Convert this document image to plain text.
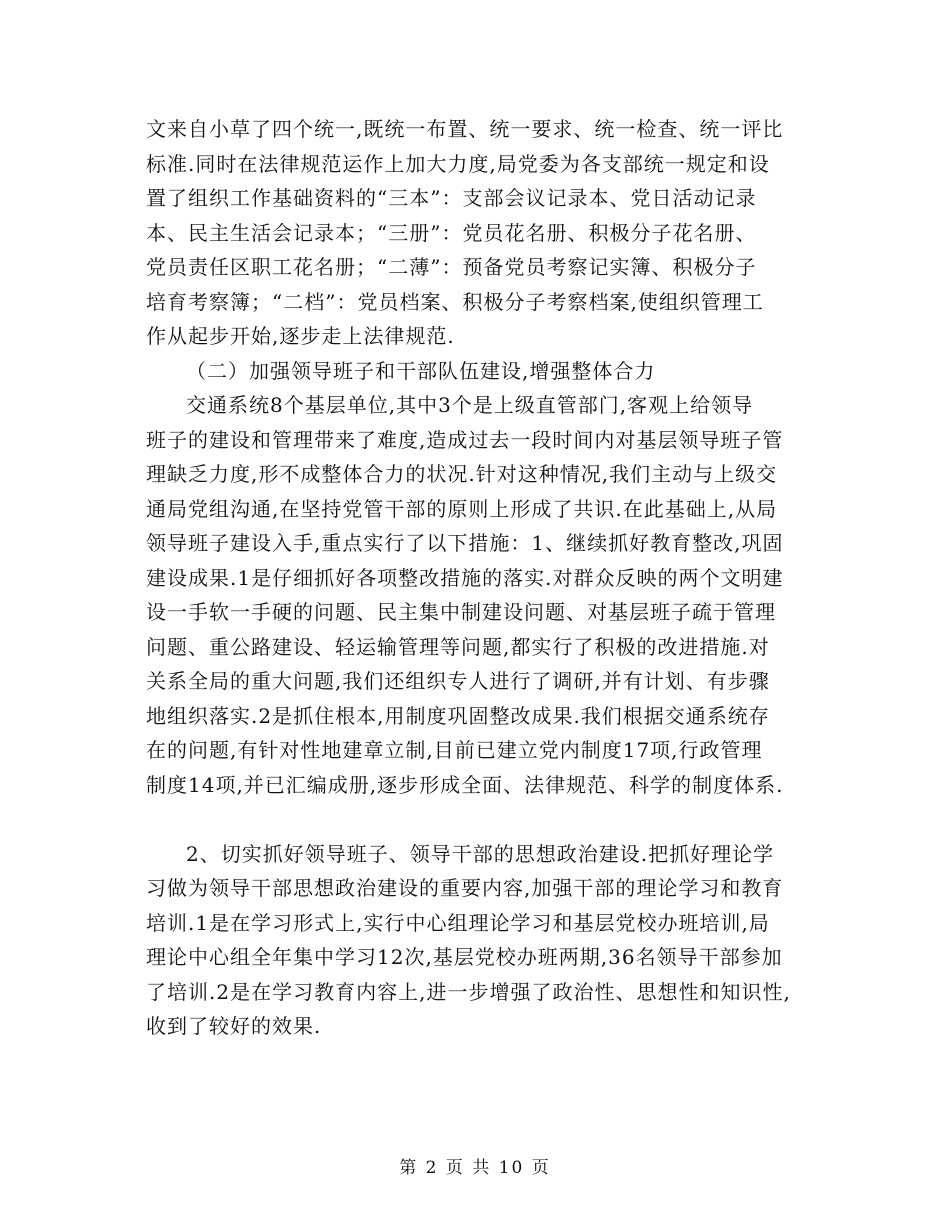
文来自小草了四个统一,既统一布置、统一要求、统一检查、统一评比
标准.同时在法律规范运作上加大力度,局党委为各支部统一规定和设
置了组织工作基础资料的“三本”：支部会议记录本、党日活动记录
本、民主生活会记录本；“三册”：党员花名册、积极分子花名册、
党员责任区职工花名册；“二薄”：预备党员考察记实簿、积极分子
培育考察簿；“二档”：党员档案、积极分子考察档案,使组织管理工
作从起步开始,逐步走上法律规范.
（二）加强领导班子和干部队伍建设,增强整体合力
交通系统8个基层单位,其中3个是上级直管部门,客观上给领导
班子的建设和管理带来了难度,造成过去一段时间内对基层领导班子管
理缺乏力度,形不成整体合力的状况.针对这种情况,我们主动与上级交
通局党组沟通,在坚持党管干部的原则上形成了共识.在此基础上,从局
领导班子建设入手,重点实行了以下措施：1、继续抓好教育整改,巩固
建设成果.1是仔细抓好各项整改措施的落实.对群众反映的两个文明建
设一手软一手硬的问题、民主集中制建设问题、对基层班子疏于管理
问题、重公路建设、轻运输管理等问题,都实行了积极的改进措施.对
关系全局的重大问题,我们还组织专人进行了调研,并有计划、有步骤
地组织落实.2是抓住根本,用制度巩固整改成果.我们根据交通系统存
在的问题,有针对性地建章立制,目前已建立党内制度17项,行政管理
制度14项,并已汇编成册,逐步形成全面、法律规范、科学的制度体系.
2、切实抓好领导班子、领导干部的思想政治建设.把抓好理论学
习做为领导干部思想政治建设的重要内容,加强干部的理论学习和教育
培训.1是在学习形式上,实行中心组理论学习和基层党校办班培训,局
理论中心组全年集中学习12次,基层党校办班两期,36名领导干部参加
了培训.2是在学习教育内容上,进一步增强了政治性、思想性和知识性,
收到了较好的效果.
第 2 页 共 10 页
